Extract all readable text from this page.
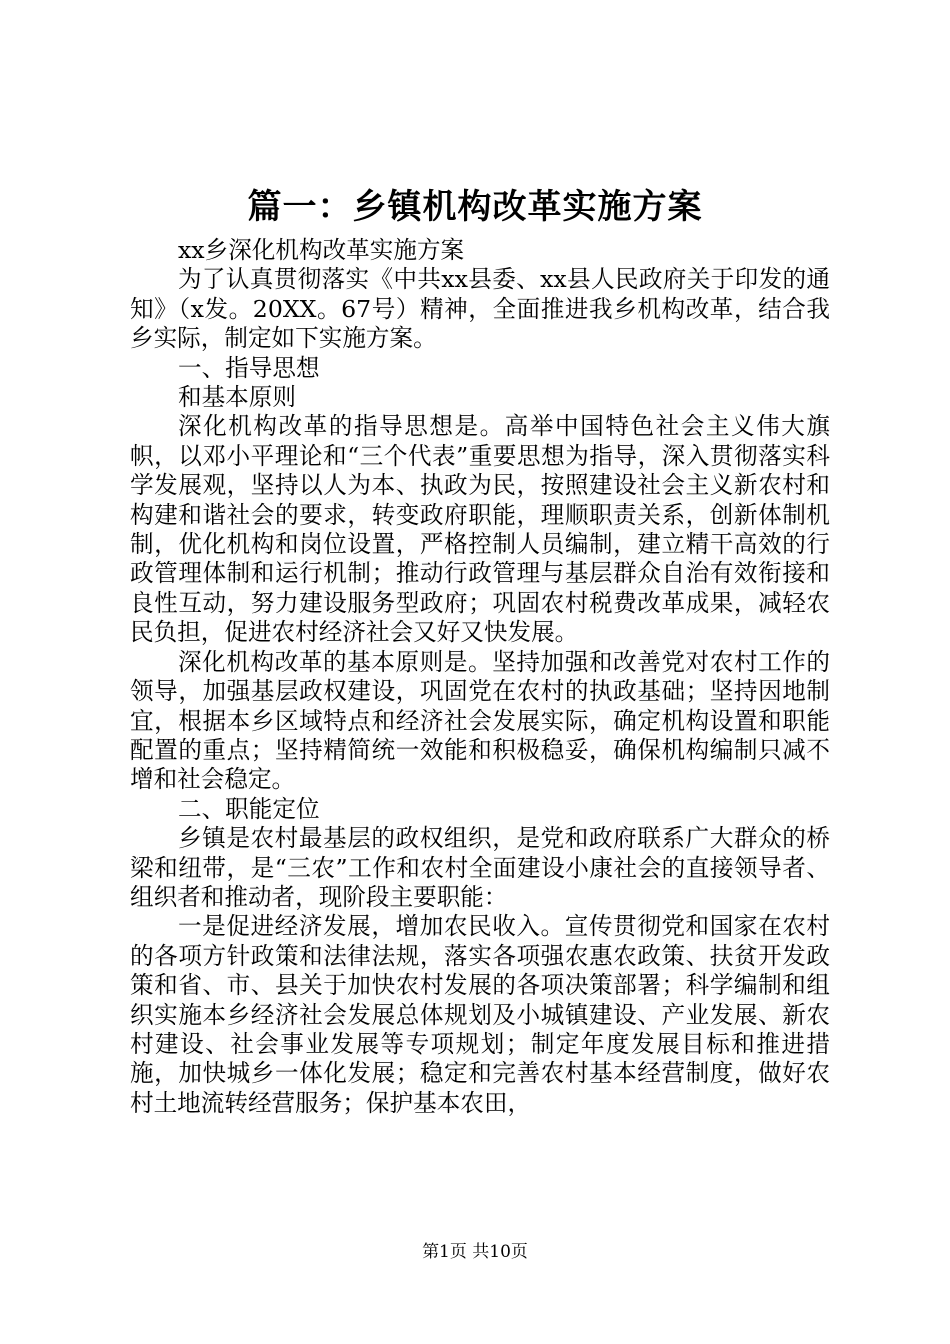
篇一：乡镇机构改革实施方案

xx乡深化机构改革实施方案

为了认真贯彻落实《中共xx县委、xx县人民政府关于印发的通知》（x发。20XX。67号）精神，全面推进我乡机构改革，结合我乡实际，制定如下实施方案。

一、指导思想

和基本原则

深化机构改革的指导思想是。高举中国特色社会主义伟大旗帜，以邓小平理论和“三个代表”重要思想为指导，深入贯彻落实科学发展观，坚持以人为本、执政为民，按照建设社会主义新农村和构建和谐社会的要求，转变政府职能，理顺职责关系，创新体制机制，优化机构和岗位设置，严格控制人员编制，建立精干高效的行政管理体制和运行机制；推动行政管理与基层群众自治有效衔接和良性互动，努力建设服务型政府；巩固农村税费改革成果，减轻农民负担，促进农村经济社会又好又快发展。

深化机构改革的基本原则是。坚持加强和改善党对农村工作的领导，加强基层政权建设，巩固党在农村的执政基础；坚持因地制宜，根据本乡区域特点和经济社会发展实际，确定机构设置和职能配置的重点；坚持精简统一效能和积极稳妥，确保机构编制只减不增和社会稳定。

二、职能定位

乡镇是农村最基层的政权组织，是党和政府联系广大群众的桥梁和纽带，是“三农”工作和农村全面建设小康社会的直接领导者、组织者和推动者，现阶段主要职能：

一是促进经济发展，增加农民收入。宣传贯彻党和国家在农村的各项方针政策和法律法规，落实各项强农惠农政策、扶贫开发政策和省、市、县关于加快农村发展的各项决策部署；科学编制和组织实施本乡经济社会发展总体规划及小城镇建设、产业发展、新农村建设、社会事业发展等专项规划；制定年度发展目标和推进措施，加快城乡一体化发展；稳定和完善农村基本经营制度，做好农村土地流转经营服务；保护基本农田，

第1页 共10页
